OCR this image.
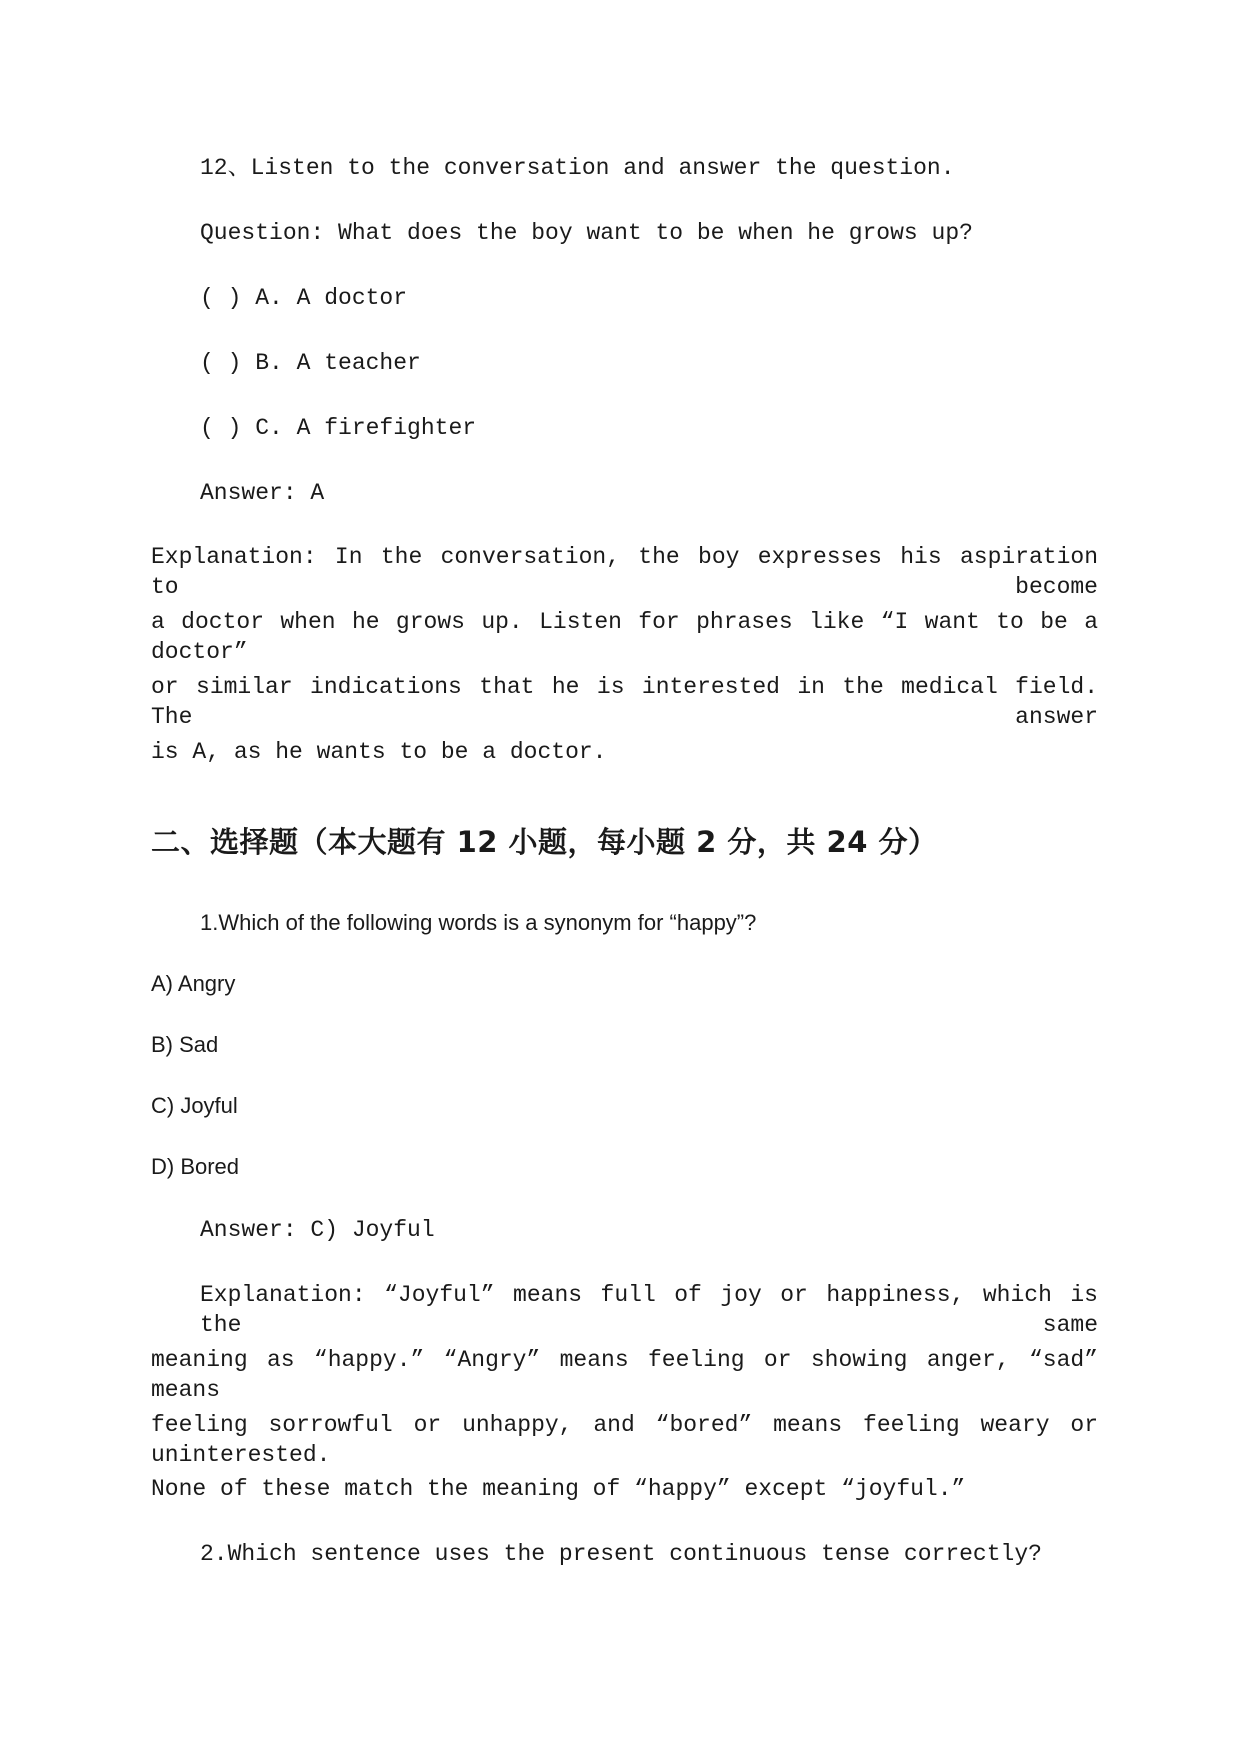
12、Listen to the conversation and answer the question.
Question: What does the boy want to be when he grows up?
( ) A. A doctor
( ) B. A teacher
( ) C. A firefighter
Answer: A
Explanation: In the conversation, the boy expresses his aspiration to become
a doctor when he grows up. Listen for phrases like “I want to be a doctor”
or similar indications that he is interested in the medical field. The answer
is A, as he wants to be a doctor.
二、选择题（本大题有 12 小题，每小题 2 分，共 24 分）
1.Which of the following words is a synonym for “happy”?
A) Angry
B) Sad
C) Joyful
D) Bored
Answer: C) Joyful
Explanation: “Joyful” means full of joy or happiness, which is the same
meaning as “happy.” “Angry” means feeling or showing anger, “sad” means
feeling sorrowful or unhappy, and “bored” means feeling weary or uninterested.
None of these match the meaning of “happy” except “joyful.”
2.Which sentence uses the present continuous tense correctly?
